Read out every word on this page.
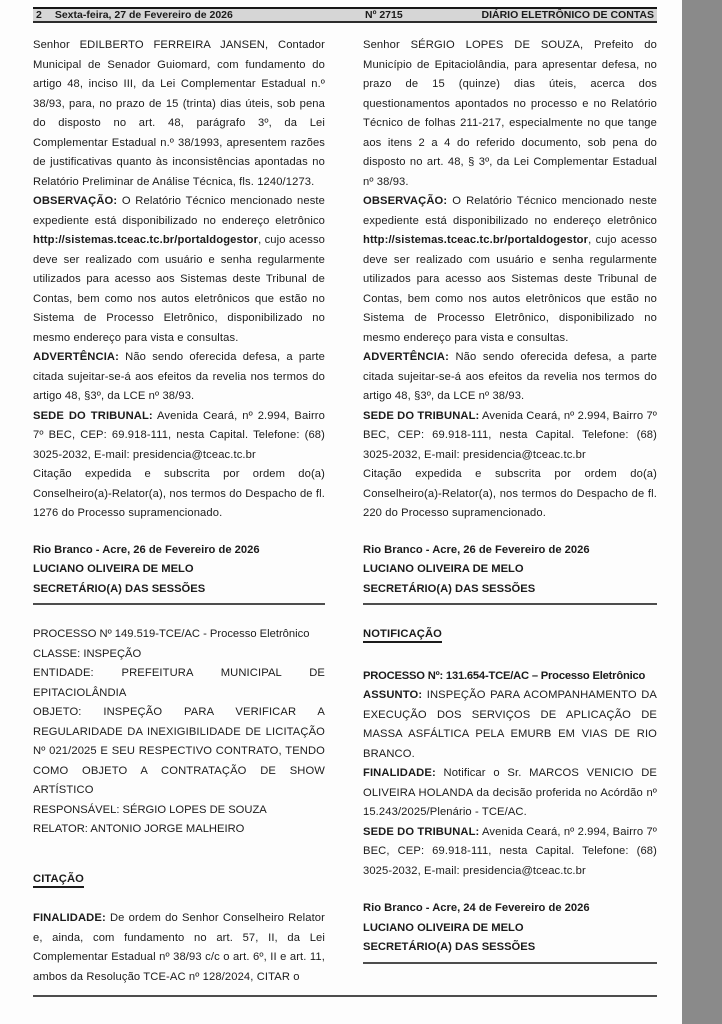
2 Sexta-feira, 27 de Fevereiro de 2026	Nº 2715	DIÁRIO ELETRÔNICO DE CONTAS

Senhor EDILBERTO FERREIRA JANSEN, Contador Municipal de Senador Guiomard, com fundamento do artigo 48, inciso III, da Lei Complementar Estadual n.º 38/93, para, no prazo de 15 (trinta) dias úteis, sob pena do disposto no art. 48, parágrafo 3º, da Lei Complementar Estadual n.º 38/1993, apresentem razões de justificativas quanto às inconsistências apontadas no Relatório Preliminar de Análise Técnica, fls. 1240/1273.

OBSERVAÇÃO: O Relatório Técnico mencionado neste expediente está disponibilizado no endereço eletrônico http://sistemas.tceac.tc.br/portaldogestor, cujo acesso deve ser realizado com usuário e senha regularmente utilizados para acesso aos Sistemas deste Tribunal de Contas, bem como nos autos eletrônicos que estão no Sistema de Processo Eletrônico, disponibilizado no mesmo endereço para vista e consultas.

ADVERTÊNCIA: Não sendo oferecida defesa, a parte citada sujeitar-se-á aos efeitos da revelia nos termos do artigo 48, §3º, da LCE nº 38/93.

SEDE DO TRIBUNAL: Avenida Ceará, nº 2.994, Bairro 7º BEC, CEP: 69.918-111, nesta Capital. Telefone: (68) 3025-2032, E-mail: presidencia@tceac.tc.br

Citação expedida e subscrita por ordem do(a) Conselheiro(a)-Relator(a), nos termos do Despacho de fl. 1276 do Processo supramencionado.

Rio Branco - Acre, 26 de Fevereiro de 2026

LUCIANO OLIVEIRA DE MELO

SECRETÁRIO(A) DAS SESSÕES

PROCESSO Nº 149.519-TCE/AC - Processo Eletrônico

CLASSE: INSPEÇÃO

ENTIDADE: PREFEITURA MUNICIPAL DE EPITACIOLÂNDIA

OBJETO: INSPEÇÃO PARA VERIFICAR A REGULARIDADE DA INEXIGIBILIDADE DE LICITAÇÃO Nº 021/2025 E SEU RESPECTIVO CONTRATO, TENDO COMO OBJETO A CONTRATAÇÃO DE SHOW ARTÍSTICO

RESPONSÁVEL: SÉRGIO LOPES DE SOUZA

RELATOR: ANTONIO JORGE MALHEIRO

CITAÇÃO

FINALIDADE: De ordem do Senhor Conselheiro Relator e, ainda, com fundamento no art. 57, II, da Lei Complementar Estadual nº 38/93 c/c o art. 6º, II e art. 11, ambos da Resolução TCE-AC nº 128/2024, CITAR o

Senhor SÉRGIO LOPES DE SOUZA, Prefeito do Município de Epitaciolândia, para apresentar defesa, no prazo de 15 (quinze) dias úteis, acerca dos questionamentos apontados no processo e no Relatório Técnico de folhas 211-217, especialmente no que tange aos itens 2 a 4 do referido documento, sob pena do disposto no art. 48, § 3º, da Lei Complementar Estadual nº 38/93.

OBSERVAÇÃO: O Relatório Técnico mencionado neste expediente está disponibilizado no endereço eletrônico http://sistemas.tceac.tc.br/portaldogestor, cujo acesso deve ser realizado com usuário e senha regularmente utilizados para acesso aos Sistemas deste Tribunal de Contas, bem como nos autos eletrônicos que estão no Sistema de Processo Eletrônico, disponibilizado no mesmo endereço para vista e consultas.

ADVERTÊNCIA: Não sendo oferecida defesa, a parte citada sujeitar-se-á aos efeitos da revelia nos termos do artigo 48, §3º, da LCE nº 38/93.

SEDE DO TRIBUNAL: Avenida Ceará, nº 2.994, Bairro 7º BEC, CEP: 69.918-111, nesta Capital. Telefone: (68) 3025-2032, E-mail: presidencia@tceac.tc.br

Citação expedida e subscrita por ordem do(a) Conselheiro(a)-Relator(a), nos termos do Despacho de fl. 220 do Processo supramencionado.

Rio Branco - Acre, 26 de Fevereiro de 2026

LUCIANO OLIVEIRA DE MELO

SECRETÁRIO(A) DAS SESSÕES

NOTIFICAÇÃO

PROCESSO Nº: 131.654-TCE/AC – Processo Eletrônico

ASSUNTO: INSPEÇÃO PARA ACOMPANHAMENTO DA EXECUÇÃO DOS SERVIÇOS DE APLICAÇÃO DE MASSA ASFÁLTICA PELA EMURB EM VIAS DE RIO BRANCO.

FINALIDADE: Notificar o Sr. MARCOS VENICIO DE OLIVEIRA HOLANDA da decisão proferida no Acórdão nº 15.243/2025/Plenário - TCE/AC.

SEDE DO TRIBUNAL: Avenida Ceará, nº 2.994, Bairro 7º BEC, CEP: 69.918-111, nesta Capital. Telefone: (68) 3025-2032, E-mail: presidencia@tceac.tc.br

Rio Branco - Acre, 24 de Fevereiro de 2026

LUCIANO OLIVEIRA DE MELO

SECRETÁRIO(A) DAS SESSÕES
